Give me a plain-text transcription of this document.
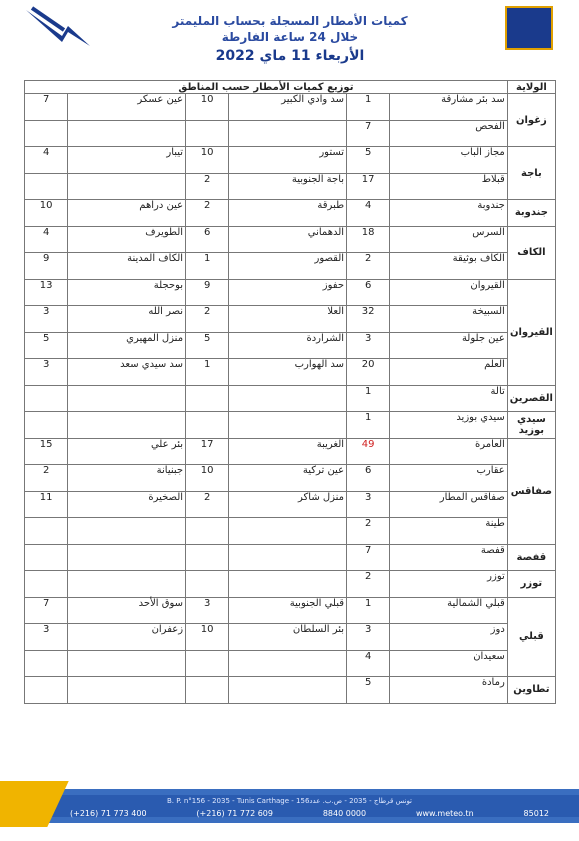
كميات الأمطار المسجلة بحساب المليمتر
خلال 24 ساعة الفارطة
الأربعاء 11 ماي 2022
الولاية	توزيع كميات الأمطار حسب المناطق					
زغوان	سد بئر مشارقة	1	سد وادي الكبير	10	عين عسكر	7
	الفحص	7				
باجة	مجاز الباب	5	تستور	10	تيبار	4
	قبلاط	17	باجة الجنوبية	2		
جندوبة	جندوبة	4	طبرقة	2	عين دراهم	10
الكاف	السرس	18	الدهماني	6	الطويرف	4
	الكاف بوثيقة	2	القصور	1	الكاف المدينة	9
القيروان	القيروان	6	حفوز	9	بوحجلة	13
	السبيخة	32	العلا	2	نصر الله	3
	عين جلولة	3	الشراردة	5	منزل المهيري	5
	العلم	20	سد الهوارب	1	سد سيدي سعد	3
القصرين	تالة	1				
سيدي بوزيد	سيدي بوزيد	1				
صفاقس	العامرة	49	الغريبة	17	بئر علي	15
	عقارب	6	عين تركية	10	جبنيانة	2
	صفاقس المطار	3	منزل شاكر	2	الصخيرة	11
	طينة	2				
قفصة	قفصة	7				
توزر	توزر	2				
قبلي	قبلي الشمالية	1	قبلي الجنوبية	3	سوق الأحد	7
	دوز	3	بئر السلطان	10	زعفران	3
	سعيدان	4				
تطاوين	رمادة	5				
B. P. n°156 - 2035 - Tunis Carthage - تونس قرطاج - 2035 - ص.ب. عدد156
(+216) 71 773 400	(+216) 71 772 609	8840 0000	www.meteo.tn	85012
